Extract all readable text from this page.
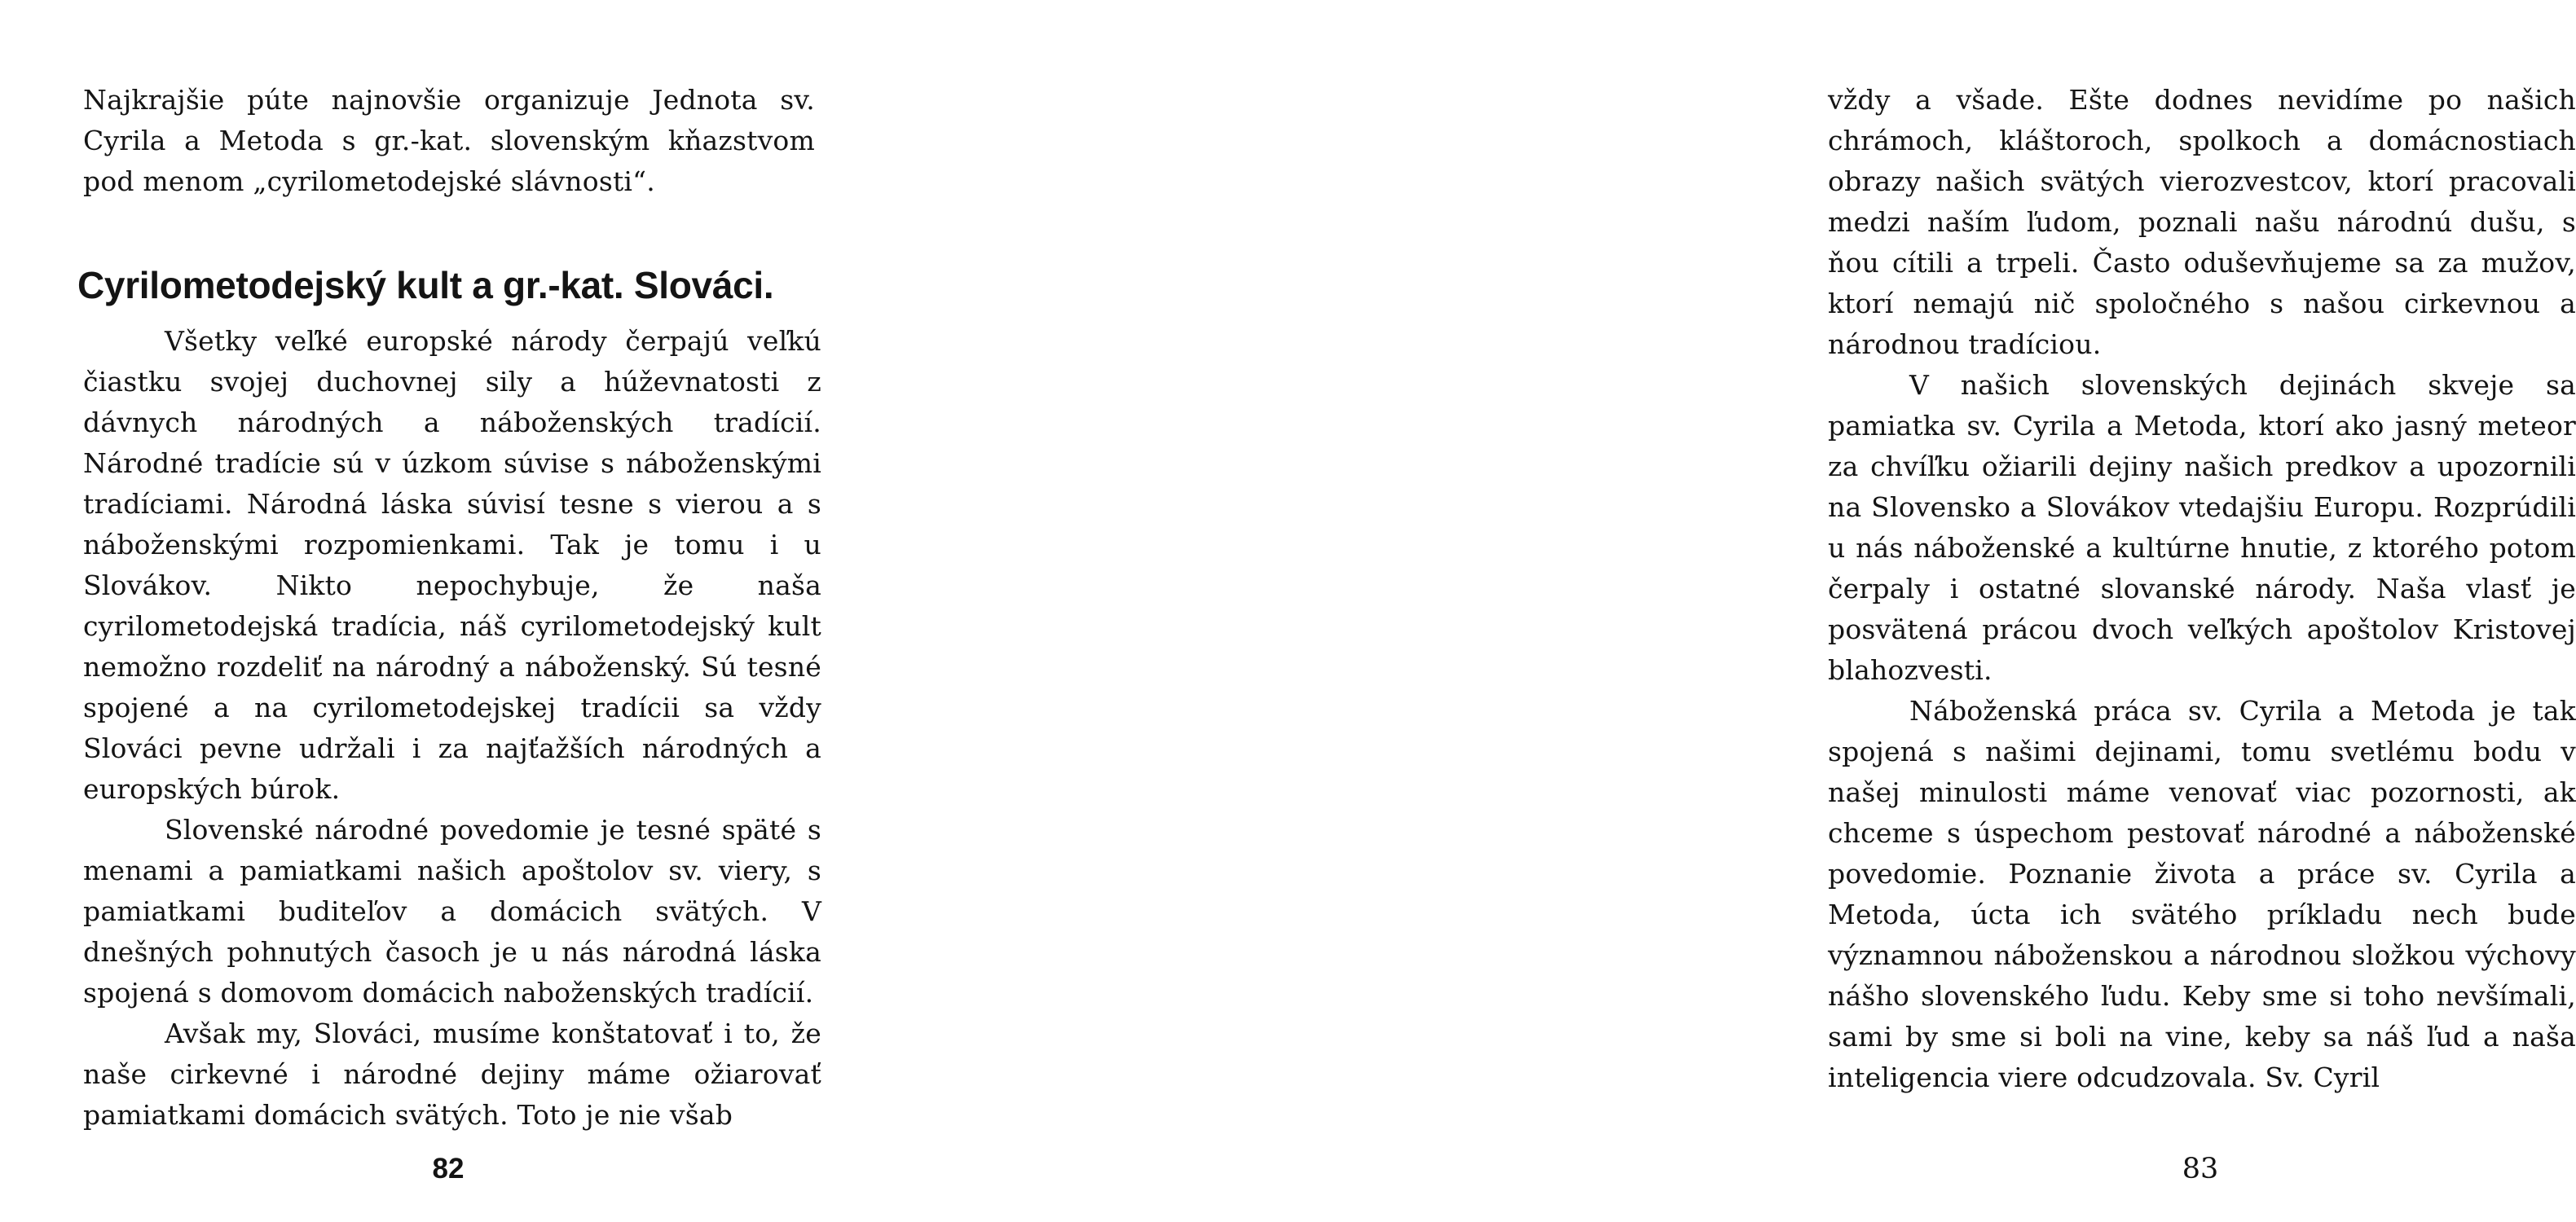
Najkrajšie púte najnovšie organizuje Jednota sv. Cyrila a Metoda s gr.-kat. slovenským kňazstvom pod menom „cyrilometodejské slávnosti“.

Cyrilometodejský kult a gr.-kat. Slováci.

Všetky veľké europské národy čerpajú veľkú čiastku svojej duchovnej sily a húževnatosti z dávnych národných a náboženských tradícií. Národné tradície sú v úzkom súvise s náboženskými tradíciami. Národná láska súvisí tesne s vierou a s náboženskými rozpomienkami. Tak je tomu i u Slovákov. Nikto nepochybuje, že naša cyrilometodejská tradícia, náš cyrilometodejský kult nemožno rozdeliť na národný a náboženský. Sú tesné spojené a na cyrilometodejskej tradícii sa vždy Slováci pevne udržali i za najťažších národných a europských búrok.

Slovenské národné povedomie je tesné späté s menami a pamiatkami našich apoštolov sv. viery, s pamiatkami buditeľov a domácich svätých. V dnešných pohnutých časoch je u nás národná láska spojená s domovom domácich naboženských tradícií.

Avšak my, Slováci, musíme konštatovať i to, že naše cirkevné i národné dejiny máme ožiarovať pamiatkami domácich svätých. Toto je nie všab

82

vždy a všade. Ešte dodnes nevidíme po našich chrámoch, kláštoroch, spolkoch a domácnostiach obrazy našich svätých vierozvestcov, ktorí pracovali medzi naším ľudom, poznali našu národnú dušu, s ňou cítili a trpeli. Často oduševňujeme sa za mužov, ktorí nemajú nič spoločného s našou cirkevnou a národnou tradíciou.

V našich slovenských dejinách skveje sa pamiatka sv. Cyrila a Metoda, ktorí ako jasný meteor za chvíľku ožiarili dejiny našich predkov a upozornili na Slovensko a Slovákov vtedajšiu Europu. Rozprúdili u nás náboženské a kultúrne hnutie, z ktorého potom čerpaly i ostatné slovanské národy. Naša vlasť je posvätená prácou dvoch veľkých apoštolov Kristovej blahozvesti.

Náboženská práca sv. Cyrila a Metoda je tak spojená s našimi dejinami, tomu svetlému bodu v našej minulosti máme venovať viac pozornosti, ak chceme s úspechom pestovať národné a náboženské povedomie. Poznanie života a práce sv. Cyrila a Metoda, úcta ich svätého príkladu nech bude významnou náboženskou a národnou složkou výchovy nášho slovenského ľudu. Keby sme si toho nevšímali, sami by sme si boli na vine, keby sa náš ľud a naša inteligencia viere odcudzovala. Sv. Cyril

83
